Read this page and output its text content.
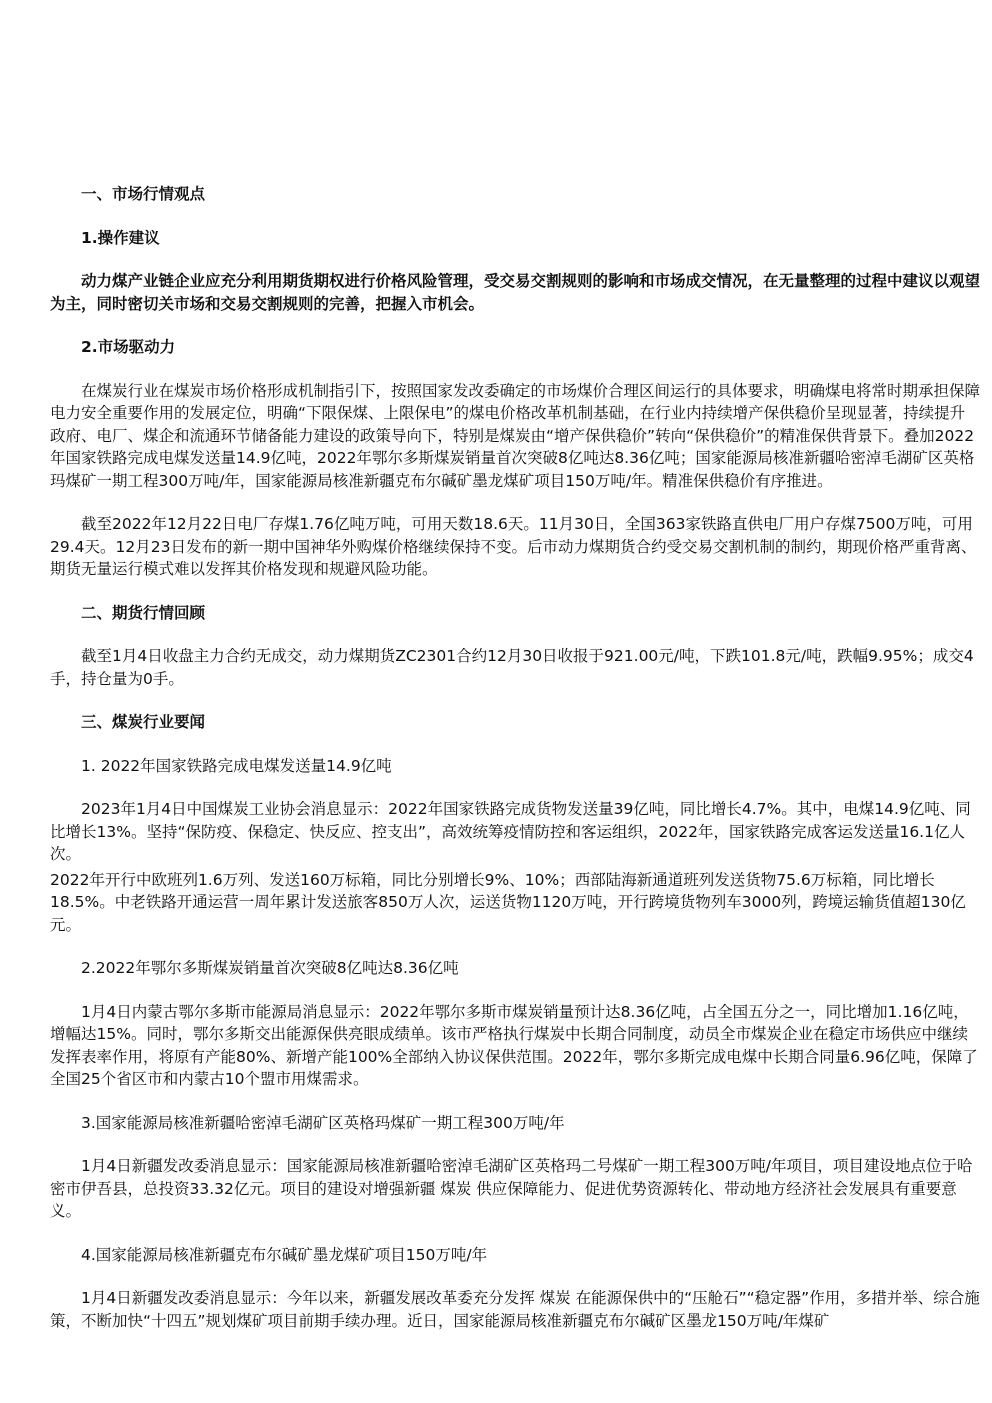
一、市场行情观点

1.操作建议

动力煤产业链企业应充分利用期货期权进行价格风险管理，受交易交割规则的影响和市场成交情况，在无量整理的过程中建议以观望为主，同时密切关市场和交易交割规则的完善，把握入市机会。

2.市场驱动力

在煤炭行业在煤炭市场价格形成机制指引下，按照国家发改委确定的市场煤价合理区间运行的具体要求，明确煤电将常时期承担保障电力安全重要作用的发展定位，明确“下限保煤、上限保电”的煤电价格改革机制基础，在行业内持续增产保供稳价呈现显著，持续提升政府、电厂、煤企和流通环节储备能力建设的政策导向下，特别是煤炭由“增产保供稳价”转向“保供稳价”的精准保供背景下。叠加2022年国家铁路完成电煤发送量14.9亿吨，2022年鄂尔多斯煤炭销量首次突破8亿吨达8.36亿吨；国家能源局核准新疆哈密淖毛湖矿区英格玛煤矿一期工程300万吨/年，国家能源局核准新疆克布尔碱矿墨龙煤矿项目150万吨/年。精准保供稳价有序推进。

截至2022年12月22日电厂存煤1.76亿吨万吨，可用天数18.6天。11月30日，全国363家铁路直供电厂用户存煤7500万吨，可用29.4天。12月23日发布的新一期中国神华外购煤价格继续保持不变。后市动力煤期货合约受交易交割机制的制约，期现价格严重背离、期货无量运行模式难以发挥其价格发现和规避风险功能。

二、期货行情回顾

截至1月4日收盘主力合约无成交，动力煤期货ZC2301合约12月30日收报于921.00元/吨，下跌101.8元/吨，跌幅9.95%；成交4手，持仓量为0手。

三、煤炭行业要闻

1. 2022年国家铁路完成电煤发送量14.9亿吨

2023年1月4日中国煤炭工业协会消息显示：2022年国家铁路完成货物发送量39亿吨，同比增长4.7%。其中，电煤14.9亿吨、同比增长13%。坚持“保防疫、保稳定、快反应、控支出”，高效统筹疫情防控和客运组织，2022年，国家铁路完成客运发送量16.1亿人次。

2022年开行中欧班列1.6万列、发送160万标箱，同比分别增长9%、10%；西部陆海新通道班列发送货物75.6万标箱，同比增长18.5%。中老铁路开通运营一周年累计发送旅客850万人次，运送货物1120万吨，开行跨境货物列车3000列，跨境运输货值超130亿元。

2.2022年鄂尔多斯煤炭销量首次突破8亿吨达8.36亿吨

1月4日内蒙古鄂尔多斯市能源局消息显示：2022年鄂尔多斯市煤炭销量预计达8.36亿吨，占全国五分之一，同比增加1.16亿吨，增幅达15%。同时，鄂尔多斯交出能源保供亮眼成绩单。该市严格执行煤炭中长期合同制度，动员全市煤炭企业在稳定市场供应中继续发挥表率作用，将原有产能80%、新增产能100%全部纳入协议保供范围。2022年，鄂尔多斯完成电煤中长期合同量6.96亿吨，保障了全国25个省区市和内蒙古10个盟市用煤需求。

3.国家能源局核准新疆哈密淖毛湖矿区英格玛煤矿一期工程300万吨/年

1月4日新疆发改委消息显示：国家能源局核准新疆哈密淖毛湖矿区英格玛二号煤矿一期工程300万吨/年项目，项目建设地点位于哈密市伊吾县，总投资33.32亿元。项目的建设对增强新疆 煤炭 供应保障能力、促进优势资源转化、带动地方经济社会发展具有重要意义。

4.国家能源局核准新疆克布尔碱矿墨龙煤矿项目150万吨/年

1月4日新疆发改委消息显示：今年以来，新疆发展改革委充分发挥 煤炭 在能源保供中的“压舱石”“稳定器”作用，多措并举、综合施策，不断加快“十四五”规划煤矿项目前期手续办理。近日，国家能源局核准新疆克布尔碱矿区墨龙150万吨/年煤矿
